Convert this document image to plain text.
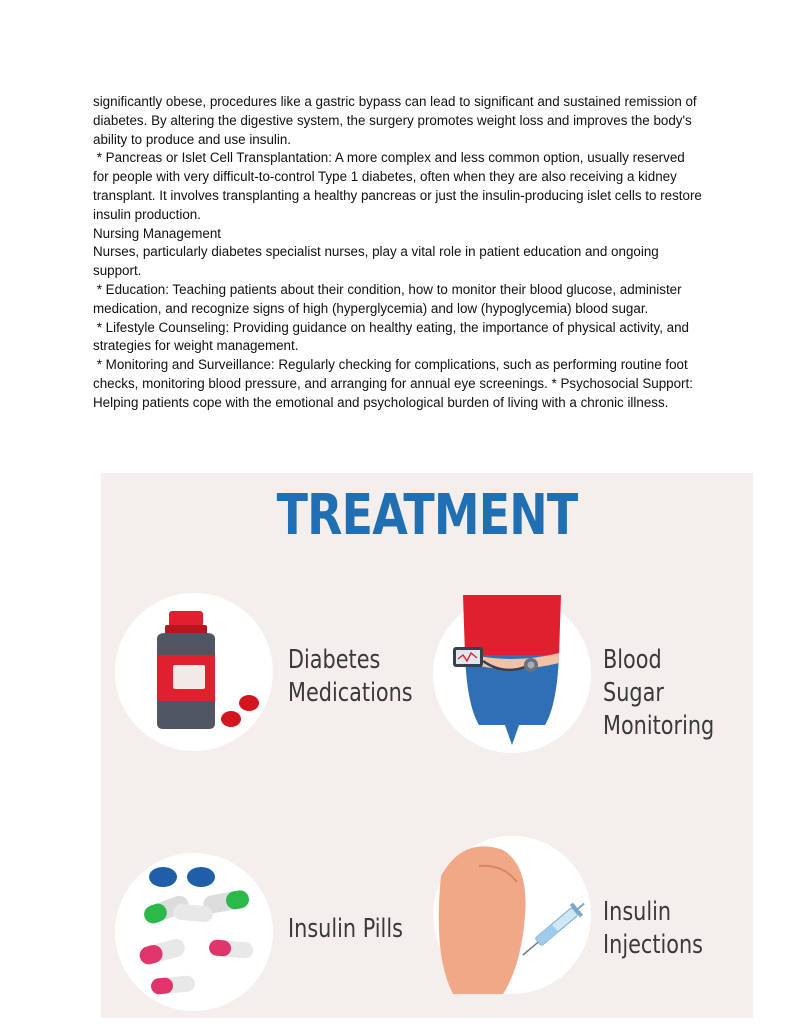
significantly obese, procedures like a gastric bypass can lead to significant and sustained remission of diabetes. By altering the digestive system, the surgery promotes weight loss and improves the body's ability to produce and use insulin.

* Pancreas or Islet Cell Transplantation: A more complex and less common option, usually reserved for people with very difficult-to-control Type 1 diabetes, often when they are also receiving a kidney transplant. It involves transplanting a healthy pancreas or just the insulin-producing islet cells to restore insulin production.

Nursing Management

Nurses, particularly diabetes specialist nurses, play a vital role in patient education and ongoing support.

* Education: Teaching patients about their condition, how to monitor their blood glucose, administer medication, and recognize signs of high (hyperglycemia) and low (hypoglycemia) blood sugar.

* Lifestyle Counseling: Providing guidance on healthy eating, the importance of physical activity, and strategies for weight management.

* Monitoring and Surveillance: Regularly checking for complications, such as performing routine foot checks, monitoring blood pressure, and arranging for annual eye screenings. * Psychosocial Support: Helping patients cope with the emotional and psychological burden of living with a chronic illness.

TREATMENT
Diabetes
Medications
Blood Sugar
Monitoring
Insulin Pills
Insulin
Injections
